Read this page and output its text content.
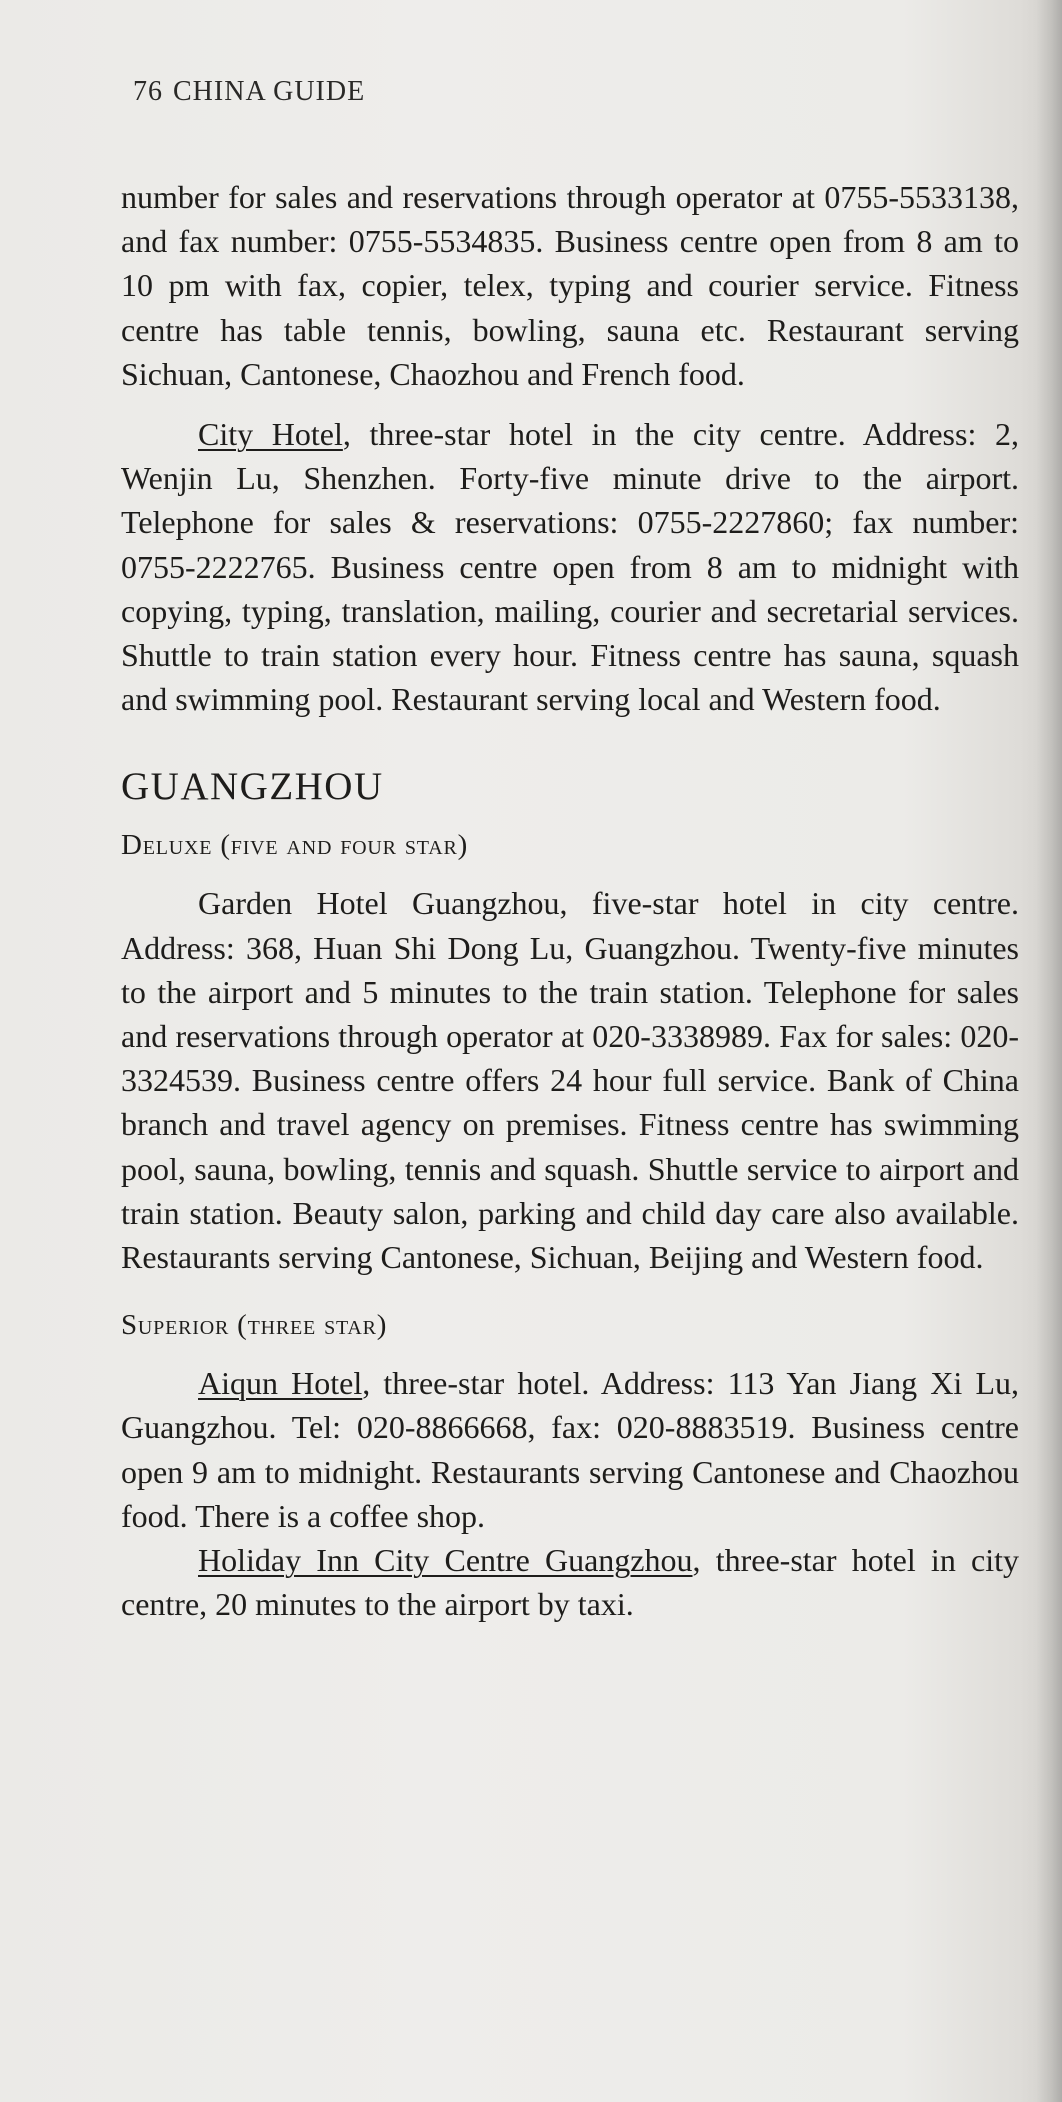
76 CHINA GUIDE

number for sales and reservations through operator at 0755-5533138, and fax number: 0755-5534835. Business centre open from 8 am to 10 pm with fax, copier, telex, typing and courier service. Fitness centre has table tennis, bowling, sauna etc. Restaurant serving Sichuan, Cantonese, Chaozhou and French food.

City Hotel, three-star hotel in the city centre. Address: 2, Wenjin Lu, Shenzhen. Forty-five minute drive to the airport. Telephone for sales & reservations: 0755-2227860; fax number: 0755-2222765. Business centre open from 8 am to midnight with copying, typing, translation, mailing, courier and secretarial services. Shuttle to train station every hour. Fitness centre has sauna, squash and swimming pool. Restaurant serving local and Western food.

GUANGZHOU
Deluxe (five and four star)

Garden Hotel Guangzhou, five-star hotel in city centre. Address: 368, Huan Shi Dong Lu, Guangzhou. Twenty-five minutes to the airport and 5 minutes to the train station. Telephone for sales and reservations through operator at 020-3338989. Fax for sales: 020-3324539. Business centre offers 24 hour full service. Bank of China branch and travel agency on premises. Fitness centre has swimming pool, sauna, bowling, tennis and squash. Shuttle service to airport and train station. Beauty salon, parking and child day care also available. Restaurants serving Cantonese, Sichuan, Beijing and Western food.

Superior (three star)

Aiqun Hotel, three-star hotel. Address: 113 Yan Jiang Xi Lu, Guangzhou. Tel: 020-8866668, fax: 020-8883519. Business centre open 9 am to midnight. Restaurants serving Cantonese and Chaozhou food. There is a coffee shop.

Holiday Inn City Centre Guangzhou, three-star hotel in city centre, 20 minutes to the airport by taxi.
